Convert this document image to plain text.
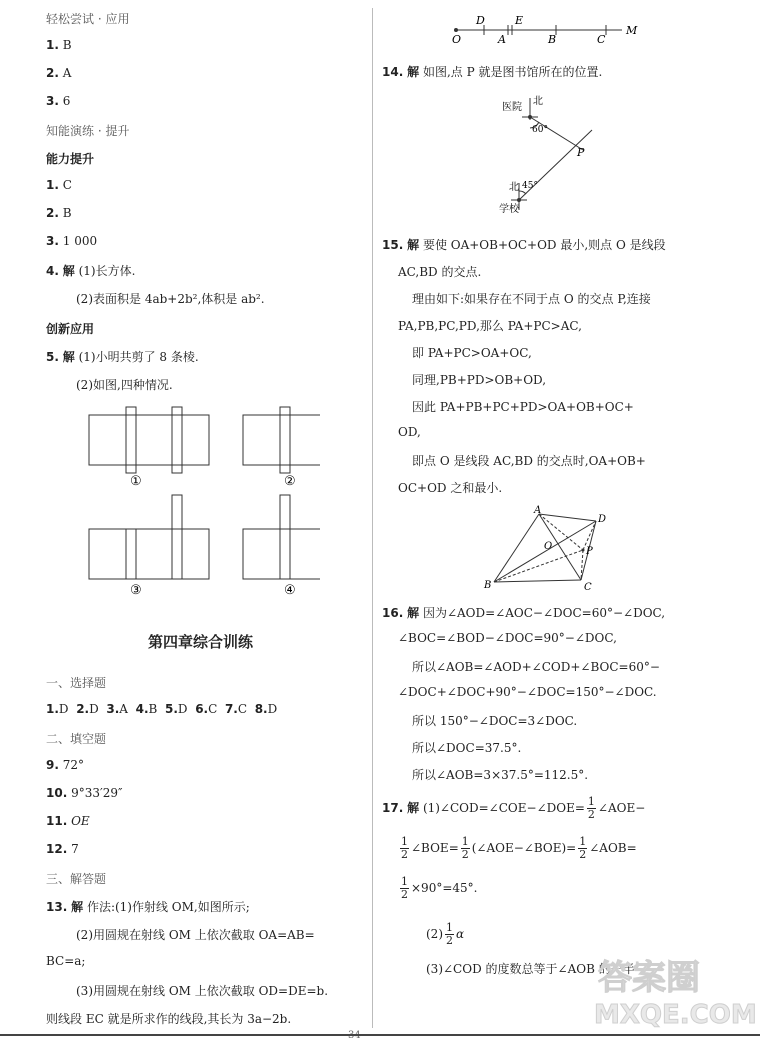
轻松尝试 · 应用
1. B
2. A
3. 6
知能演练 · 提升
能力提升
1. C
2. B
3. 1 000
4. 解 (1)长方体.
(2)表面积是 4ab+2b²,体积是 ab².
创新应用
5. 解 (1)小明共剪了 8 条棱.
(2)如图,四种情况.
①	②
③	④
第四章综合训练
一、选择题
1.D 2.D 3.A 4.B 5.D 6.C 7.C 8.D
二、填空题
9. 72°
10. 9°33′29″
11. OE
12. 7
三、解答题
13. 解 作法:(1)作射线 OM,如图所示;
(2)用圆规在射线 OM 上依次截取 OA=AB=
BC=a;
(3)用圆规在射线 OM 上依次截取 OD=DE=b.
则线段 EC 就是所求作的线段,其长为 3a−2b.
O
D
A
E
B	C
M
14. 解 如图,点 P 就是图书馆所在的位置.
医院
北
60°
P
北 45°
学校
15. 解 要使 OA+OB+OC+OD 最小,则点 O 是线段
AC,BD 的交点.
理由如下:如果存在不同于点 O 的交点 P,连接
PA,PB,PC,PD,那么 PA+PC>AC,
即 PA+PC>OA+OC,
同理,PB+PD>OB+OD,
因此 PA+PB+PC+PD>OA+OB+OC+
OD,
即点 O 是线段 AC,BD 的交点时,OA+OB+
OC+OD 之和最小.
A
D
O	P
B	C
16. 解 因为∠AOD=∠AOC−∠DOC=60°−∠DOC,
∠BOC=∠BOD−∠DOC=90°−∠DOC,
所以∠AOB=∠AOD+∠COD+∠BOC=60°−
∠DOC+∠DOC+90°−∠DOC=150°−∠DOC.
所以 150°−∠DOC=3∠DOC.
所以∠DOC=37.5°.
所以∠AOB=3×37.5°=112.5°.
17. 解 (1)∠COD=∠COE−∠DOE= $\frac{1}{2}$ ∠AOE−
$\frac{1}{2}$ ∠BOE= $\frac{1}{2}$ (∠AOE−∠BOE)= $\frac{1}{2}$ ∠AOB=
$\frac{1}{2} \times 90^\circ=45^\circ$.
$(2) \frac{1}{2}$ α
(3)∠COD 的度数总等于∠AOB 的一半
答案圈
MXQE.COM
